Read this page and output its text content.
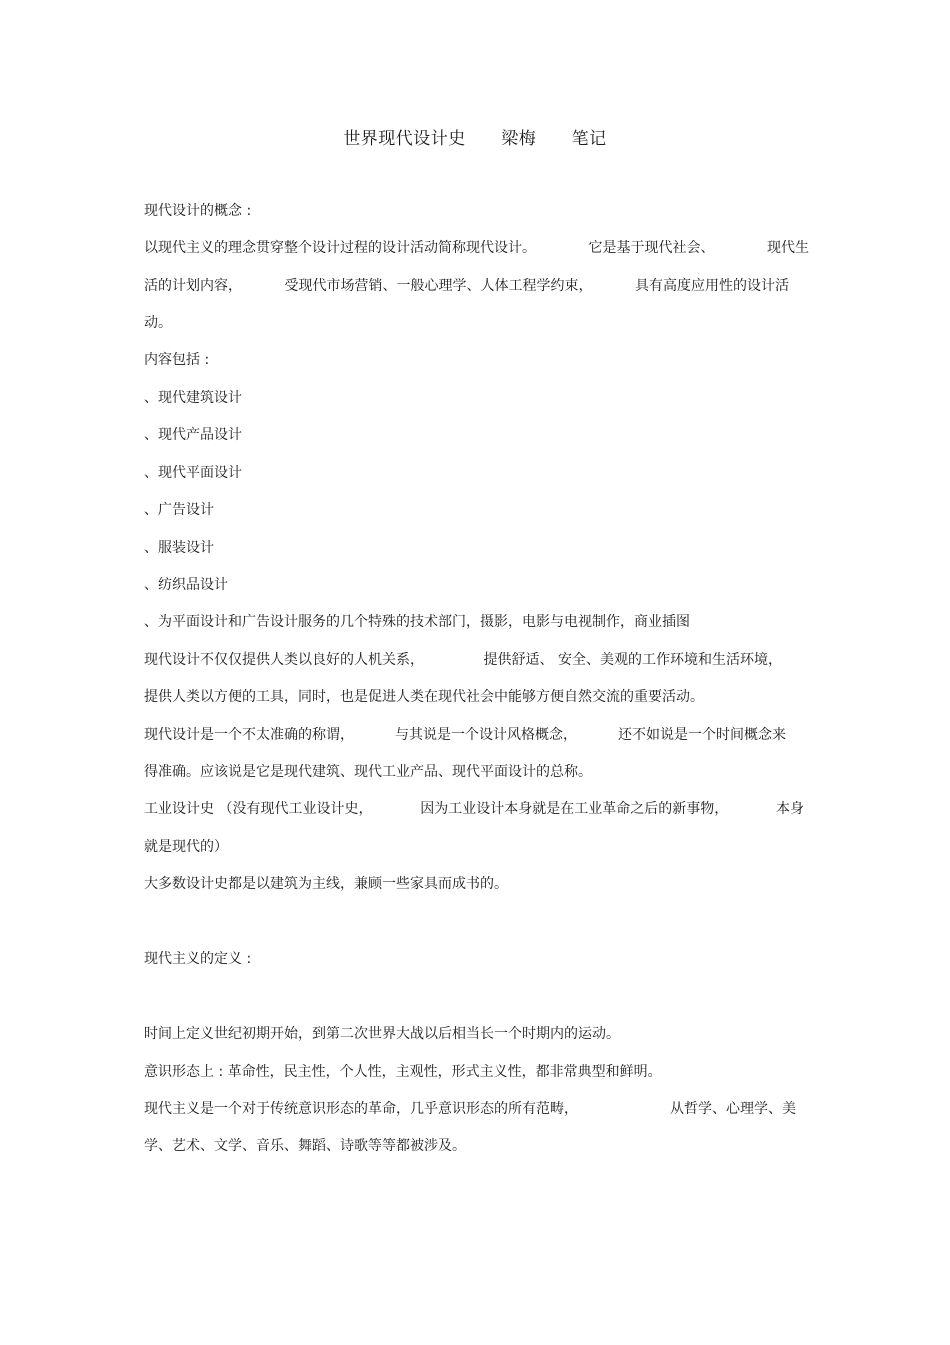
世界现代设计史      梁梅      笔记
现代设计的概念 :
以现代主义的理念贯穿整个设计过程的设计活动简称现代设计。	它是基于现代社会、	现代生
活的计划内容，	受现代市场营销、一般心理学、人体工程学约束，	具有高度应用性的设计活
动。
内容包括 :
、现代建筑设计
、现代产品设计
、现代平面设计
、广告设计
、服装设计
、纺织品设计
、为平面设计和广告设计服务的几个特殊的技术部门，摄影，电影与电视制作，商业插图
现代设计不仅仅提供人类以良好的人机关系，	提供舒适、 安全、美观的工作环境和生活环境，
提供人类以方便的工具，同时，也是促进人类在现代社会中能够方便自然交流的重要活动。
现代设计是一个不太准确的称谓，	与其说是一个设计风格概念，	还不如说是一个时间概念来
得准确。应该说是它是现代建筑、现代工业产品、现代平面设计的总称。
工业设计史 （没有现代工业设计史，	因为工业设计本身就是在工业革命之后的新事物，	本身
就是现代的）
大多数设计史都是以建筑为主线，兼顾一些家具而成书的。
现代主义的定义 :
时间上定义世纪初期开始，到第二次世界大战以后相当长一个时期内的运动。
意识形态上 : 革命性，民主性，个人性，主观性，形式主义性，都非常典型和鲜明。
现代主义是一个对于传统意识形态的革命，几乎意识形态的所有范畴，	从哲学、心理学、美
学、艺术、文学、音乐、舞蹈、诗歌等等都被涉及。
